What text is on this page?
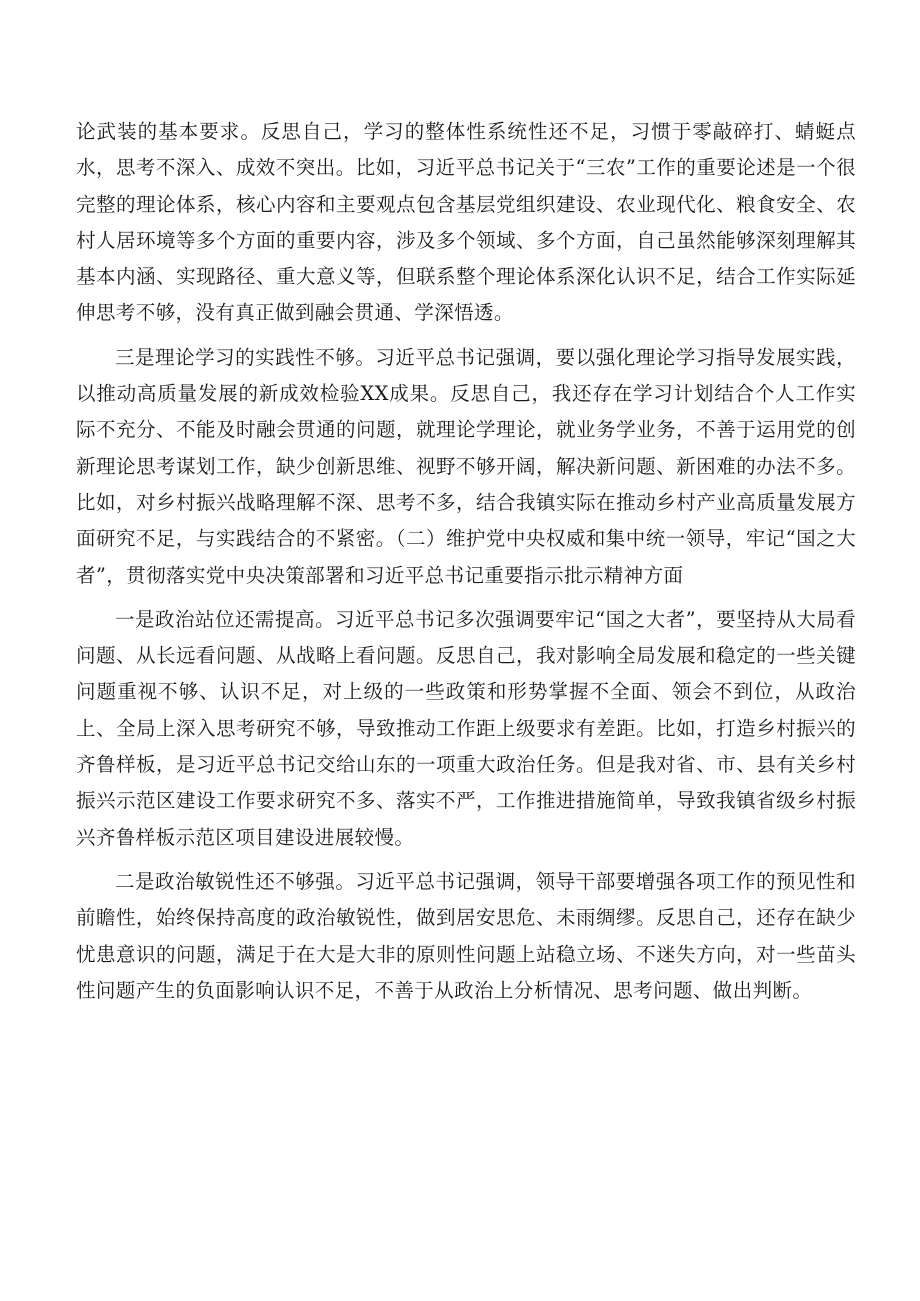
论武装的基本要求。反思自己，学习的整体性系统性还不足，习惯于零敲碎打、蜻蜓点水，思考不深入、成效不突出。比如，习近平总书记关于“三农”工作的重要论述是一个很完整的理论体系，核心内容和主要观点包含基层党组织建设、农业现代化、粮食安全、农村人居环境等多个方面的重要内容，涉及多个领域、多个方面，自己虽然能够深刻理解其基本内涵、实现路径、重大意义等，但联系整个理论体系深化认识不足，结合工作实际延伸思考不够，没有真正做到融会贯通、学深悟透。

三是理论学习的实践性不够。习近平总书记强调，要以强化理论学习指导发展实践，以推动高质量发展的新成效检验XX成果。反思自己，我还存在学习计划结合个人工作实际不充分、不能及时融会贯通的问题，就理论学理论，就业务学业务，不善于运用党的创新理论思考谋划工作，缺少创新思维、视野不够开阔，解决新问题、新困难的办法不多。比如，对乡村振兴战略理解不深、思考不多，结合我镇实际在推动乡村产业高质量发展方面研究不足，与实践结合的不紧密。（二）维护党中央权威和集中统一领导，牢记“国之大者”，贯彻落实党中央决策部署和习近平总书记重要指示批示精神方面

一是政治站位还需提高。习近平总书记多次强调要牢记“国之大者”，要坚持从大局看问题、从长远看问题、从战略上看问题。反思自己，我对影响全局发展和稳定的一些关键问题重视不够、认识不足，对上级的一些政策和形势掌握不全面、领会不到位，从政治上、全局上深入思考研究不够，导致推动工作距上级要求有差距。比如，打造乡村振兴的齐鲁样板，是习近平总书记交给山东的一项重大政治任务。但是我对省、市、县有关乡村振兴示范区建设工作要求研究不多、落实不严，工作推进措施简单，导致我镇省级乡村振兴齐鲁样板示范区项目建设进展较慢。

二是政治敏锐性还不够强。习近平总书记强调，领导干部要增强各项工作的预见性和前瞻性，始终保持高度的政治敏锐性，做到居安思危、未雨绸缪。反思自己，还存在缺少忧患意识的问题，满足于在大是大非的原则性问题上站稳立场、不迷失方向，对一些苗头性问题产生的负面影响认识不足，不善于从政治上分析情况、思考问题、做出判断。
